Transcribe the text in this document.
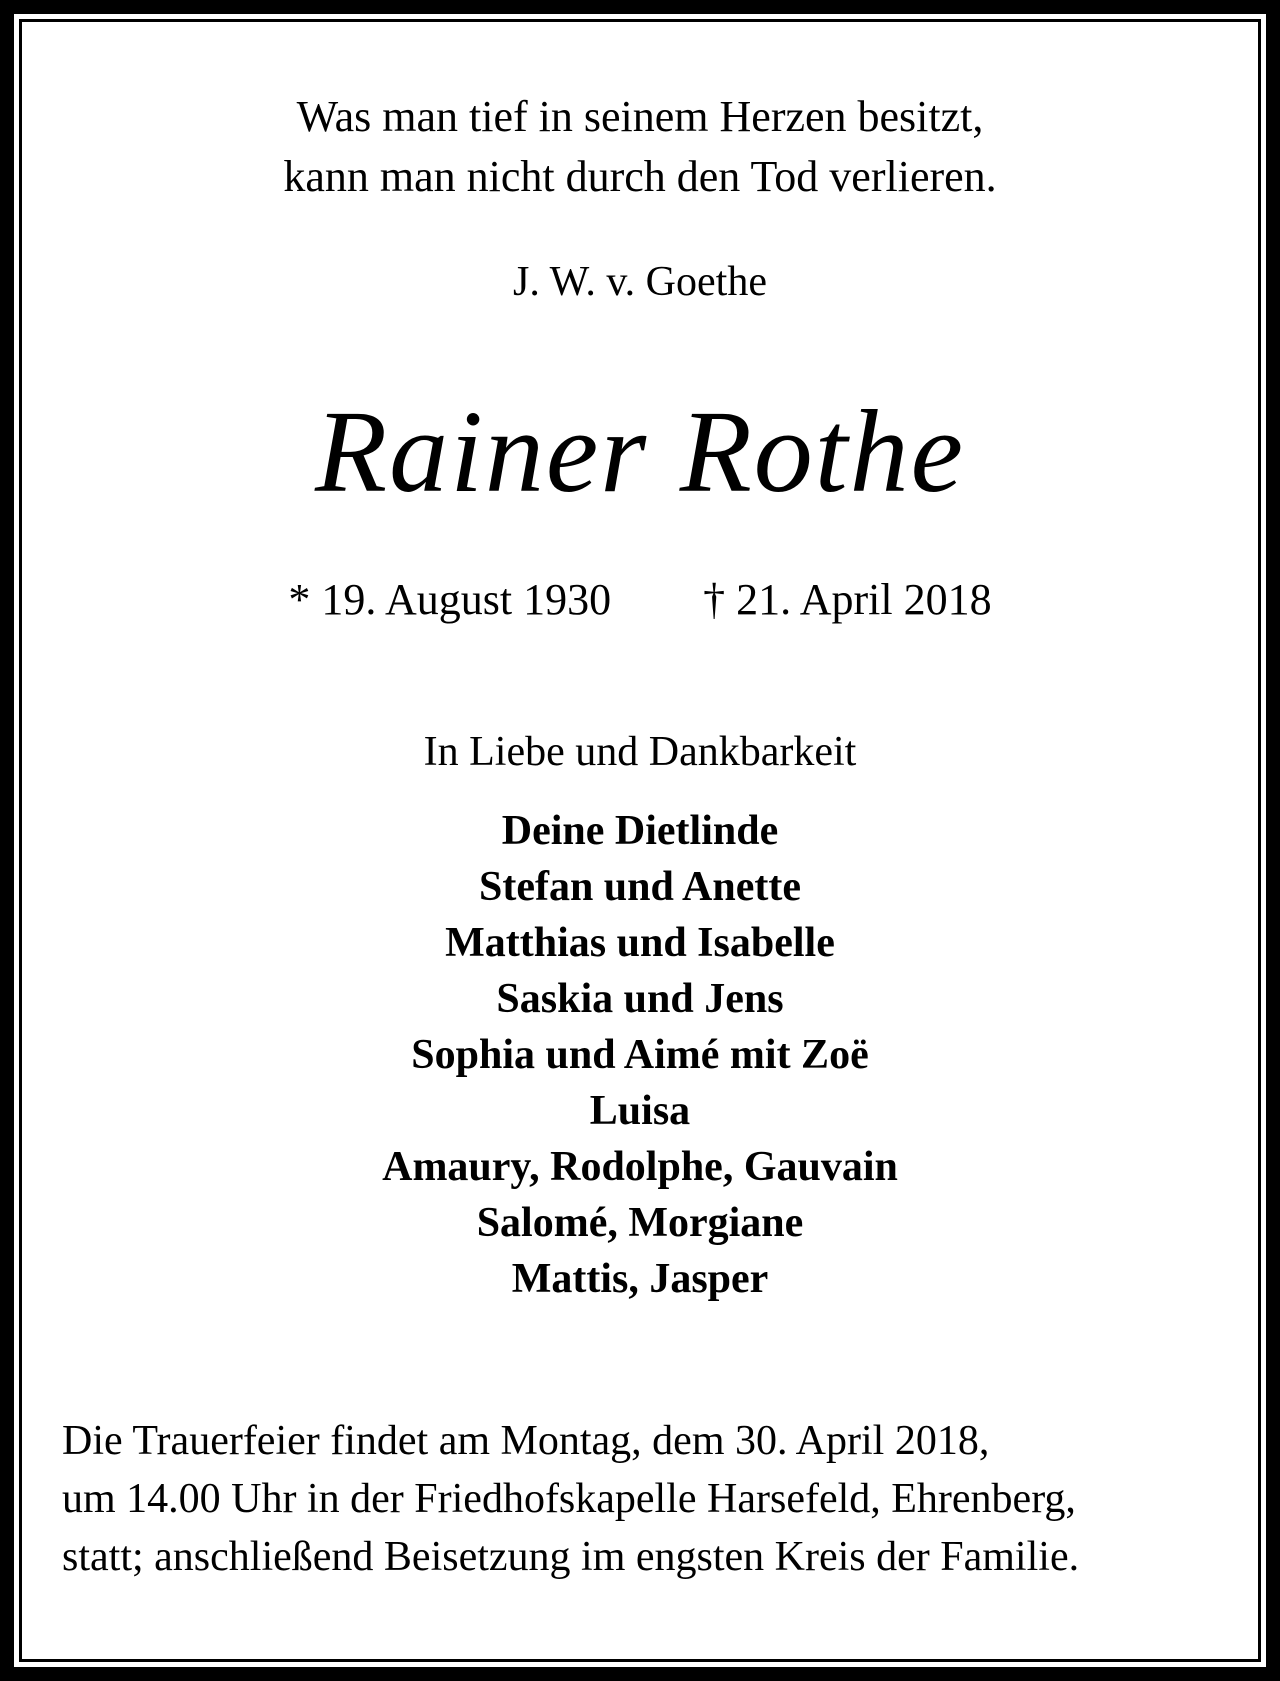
Was man tief in seinem Herzen besitzt,
kann man nicht durch den Tod verlieren.
J. W. v. Goethe
Rainer Rothe
* 19. August 1930 † 21. April 2018
In Liebe und Dankbarkeit
Deine Dietlinde
Stefan und Anette
Matthias und Isabelle
Saskia und Jens
Sophia und Aimé mit Zoë
Luisa
Amaury, Rodolphe, Gauvain
Salomé, Morgiane
Mattis, Jasper
Die Trauerfeier findet am Montag, dem 30. April 2018,
um 14.00 Uhr in der Friedhofskapelle Harsefeld, Ehrenberg,
statt; anschließend Beisetzung im engsten Kreis der Familie.
